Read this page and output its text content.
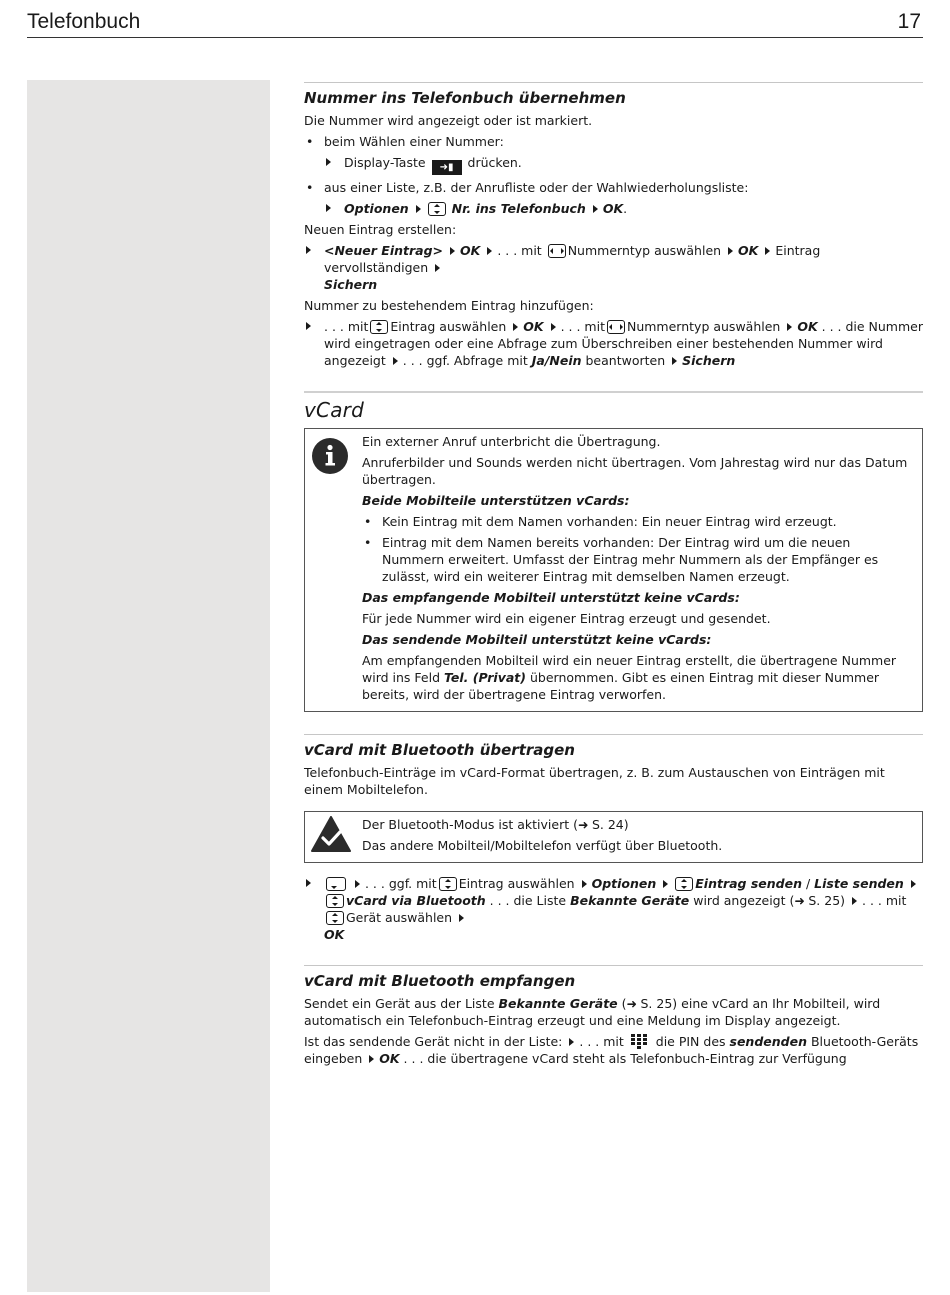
Telefonbuch	17
Nummer ins Telefonbuch übernehmen

Die Nummer wird angezeigt oder ist markiert.

• beim Wählen einer Nummer:
Display-Taste ➜▮ drücken.
• aus einer Liste, z.B. der Anrufliste oder der Wahlwiederholungsliste:
Optionen	Nr. ins Telefonbuch OK.

Neuen Eintrag erstellen:

<Neuer Eintrag> OK . . . mit Nummerntyp auswählen OK Eintrag vervollständigen
Sichern

Nummer zu bestehendem Eintrag hinzufügen:

. . . mit Eintrag auswählen OK . . . mit Nummerntyp auswählen OK . . . die Nummer wird eingetragen oder eine Abfrage zum Überschreiben einer bestehenden Nummer wird angezeigt . . . ggf. Abfrage mit Ja/Nein beantworten Sichern
vCard

Ein externer Anruf unterbricht die Übertragung.

Anruferbilder und Sounds werden nicht übertragen. Vom Jahrestag wird nur das Datum übertragen.

Beide Mobilteile unterstützen vCards:

• Kein Eintrag mit dem Namen vorhanden: Ein neuer Eintrag wird erzeugt.
• Eintrag mit dem Namen bereits vorhanden: Der Eintrag wird um die neuen Nummern erweitert. Umfasst der Eintrag mehr Nummern als der Empfänger es zulässt, wird ein weiterer Eintrag mit demselben Namen erzeugt.

Das empfangende Mobilteil unterstützt keine vCards:

Für jede Nummer wird ein eigener Eintrag erzeugt und gesendet.

Das sendende Mobilteil unterstützt keine vCards:

Am empfangenden Mobilteil wird ein neuer Eintrag erstellt, die übertragene Nummer wird ins Feld Tel. (Privat) übernommen. Gibt es einen Eintrag mit dieser Nummer bereits, wird der übertragene Eintrag verworfen.

vCard mit Bluetooth übertragen

Telefonbuch-Einträge im vCard-Format übertragen, z. B. zum Austauschen von Einträgen mit einem Mobiltelefon.

Der Bluetooth-Modus ist aktiviert (➜ S. 24)

Das andere Mobilteil/Mobiltelefon verfügt über Bluetooth.

. . . ggf. mit Eintrag auswählen Optionen	Eintrag senden / Liste senden vCard via Bluetooth . . . die Liste Bekannte Geräte wird angezeigt (➜ S. 25) . . . mitGerät auswählen
OK
vCard mit Bluetooth empfangen

Sendet ein Gerät aus der Liste Bekannte Geräte (➜ S. 25) eine vCard an Ihr Mobilteil, wird automatisch ein Telefonbuch-Eintrag erzeugt und eine Meldung im Display angezeigt.

Ist das sendende Gerät nicht in der Liste: . . . mit	die PIN des sendenden Bluetooth-Geräts eingeben OK . . . die übertragene vCard steht als Telefonbuch-Eintrag zur Verfügung
